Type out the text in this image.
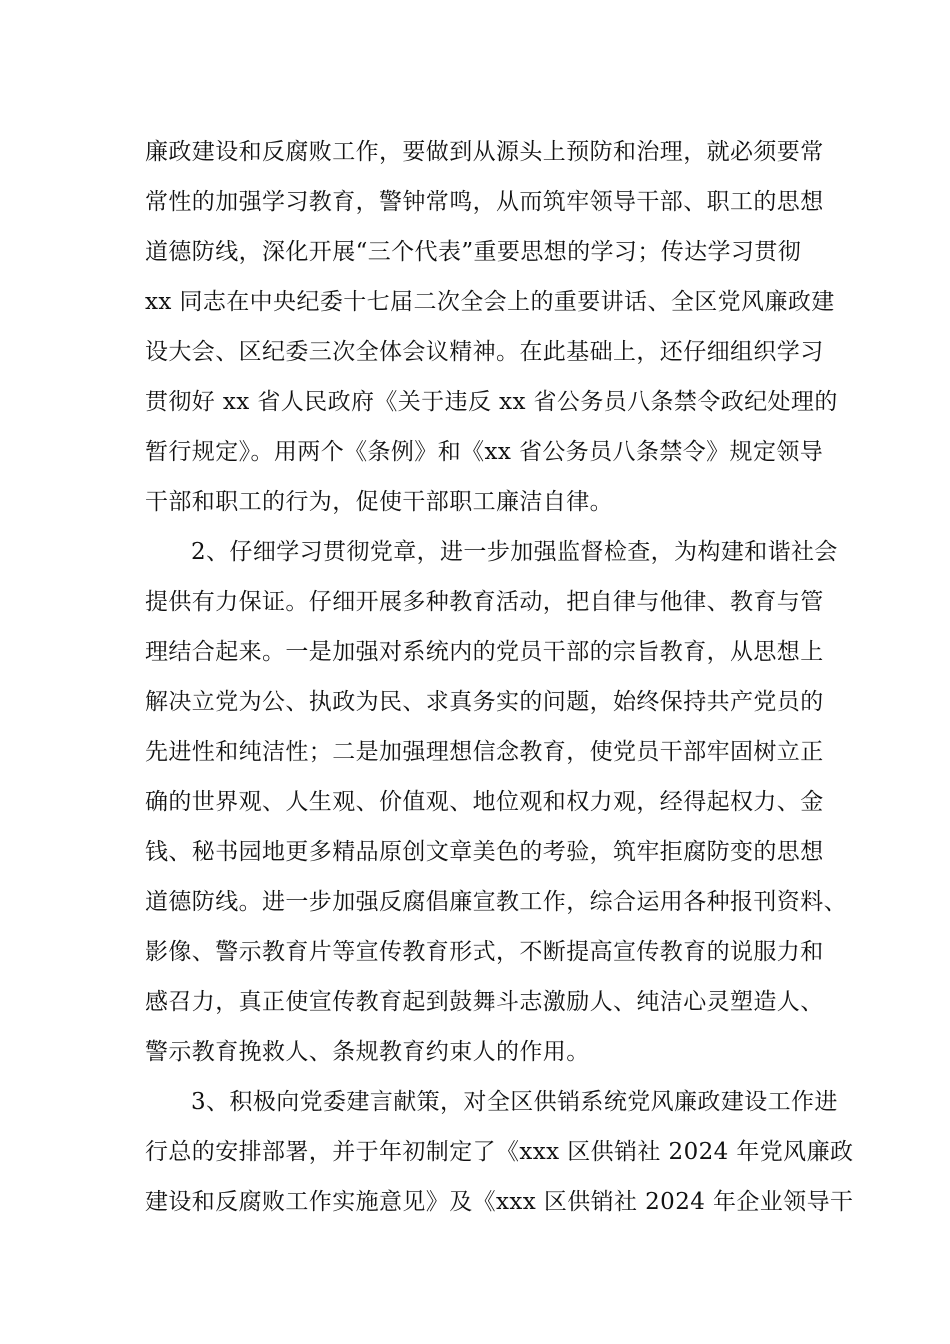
廉政建设和反腐败工作，要做到从源头上预防和治理，就必须要常
常性的加强学习教育，警钟常鸣，从而筑牢领导干部、职工的思想
道德防线，深化开展“三个代表”重要思想的学习；传达学习贯彻
xx 同志在中央纪委十七届二次全会上的重要讲话、全区党风廉政建
设大会、区纪委三次全体会议精神。在此基础上，还仔细组织学习
贯彻好 xx 省人民政府《关于违反 xx 省公务员八条禁令政纪处理的
暂行规定》。用两个《条例》和《xx 省公务员八条禁令》规定领导
干部和职工的行为，促使干部职工廉洁自律。
2、仔细学习贯彻党章，进一步加强监督检查，为构建和谐社会
提供有力保证。仔细开展多种教育活动，把自律与他律、教育与管
理结合起来。一是加强对系统内的党员干部的宗旨教育，从思想上
解决立党为公、执政为民、求真务实的问题，始终保持共产党员的
先进性和纯洁性；二是加强理想信念教育，使党员干部牢固树立正
确的世界观、人生观、价值观、地位观和权力观，经得起权力、金
钱、秘书园地更多精品原创文章美色的考验，筑牢拒腐防变的思想
道德防线。进一步加强反腐倡廉宣教工作，综合运用各种报刊资料、
影像、警示教育片等宣传教育形式，不断提高宣传教育的说服力和
感召力，真正使宣传教育起到鼓舞斗志激励人、纯洁心灵塑造人、
警示教育挽救人、条规教育约束人的作用。
3、积极向党委建言献策，对全区供销系统党风廉政建设工作进
行总的安排部署，并于年初制定了《xxx 区供销社 2024 年党风廉政
建设和反腐败工作实施意见》及《xxx 区供销社 2024 年企业领导干
